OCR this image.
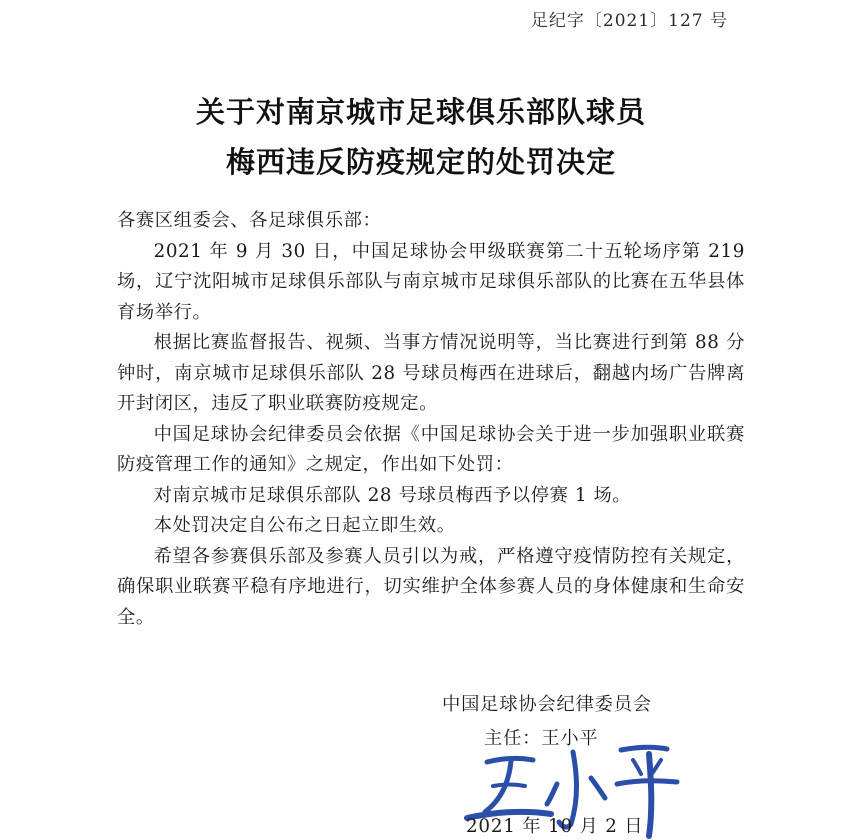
足纪字〔2021〕127 号
关于对南京城市足球俱乐部队球员
梅西违反防疫规定的处罚决定

各赛区组委会、各足球俱乐部：

2021 年 9 月 30 日，中国足球协会甲级联赛第二十五轮场序第 219 场，辽宁沈阳城市足球俱乐部队与南京城市足球俱乐部队的比赛在五华县体育场举行。

根据比赛监督报告、视频、当事方情况说明等，当比赛进行到第 88 分钟时，南京城市足球俱乐部队 28 号球员梅西在进球后，翻越内场广告牌离开封闭区，违反了职业联赛防疫规定。

中国足球协会纪律委员会依据《中国足球协会关于进一步加强职业联赛防疫管理工作的通知》之规定，作出如下处罚：

对南京城市足球俱乐部队 28 号球员梅西予以停赛 1 场。

本处罚决定自公布之日起立即生效。

希望各参赛俱乐部及参赛人员引以为戒，严格遵守疫情防控有关规定，确保职业联赛平稳有序地进行，切实维护全体参赛人员的身体健康和生命安全。

中国足球协会纪律委员会
主任：王小平
2021 年 10 月 2 日
